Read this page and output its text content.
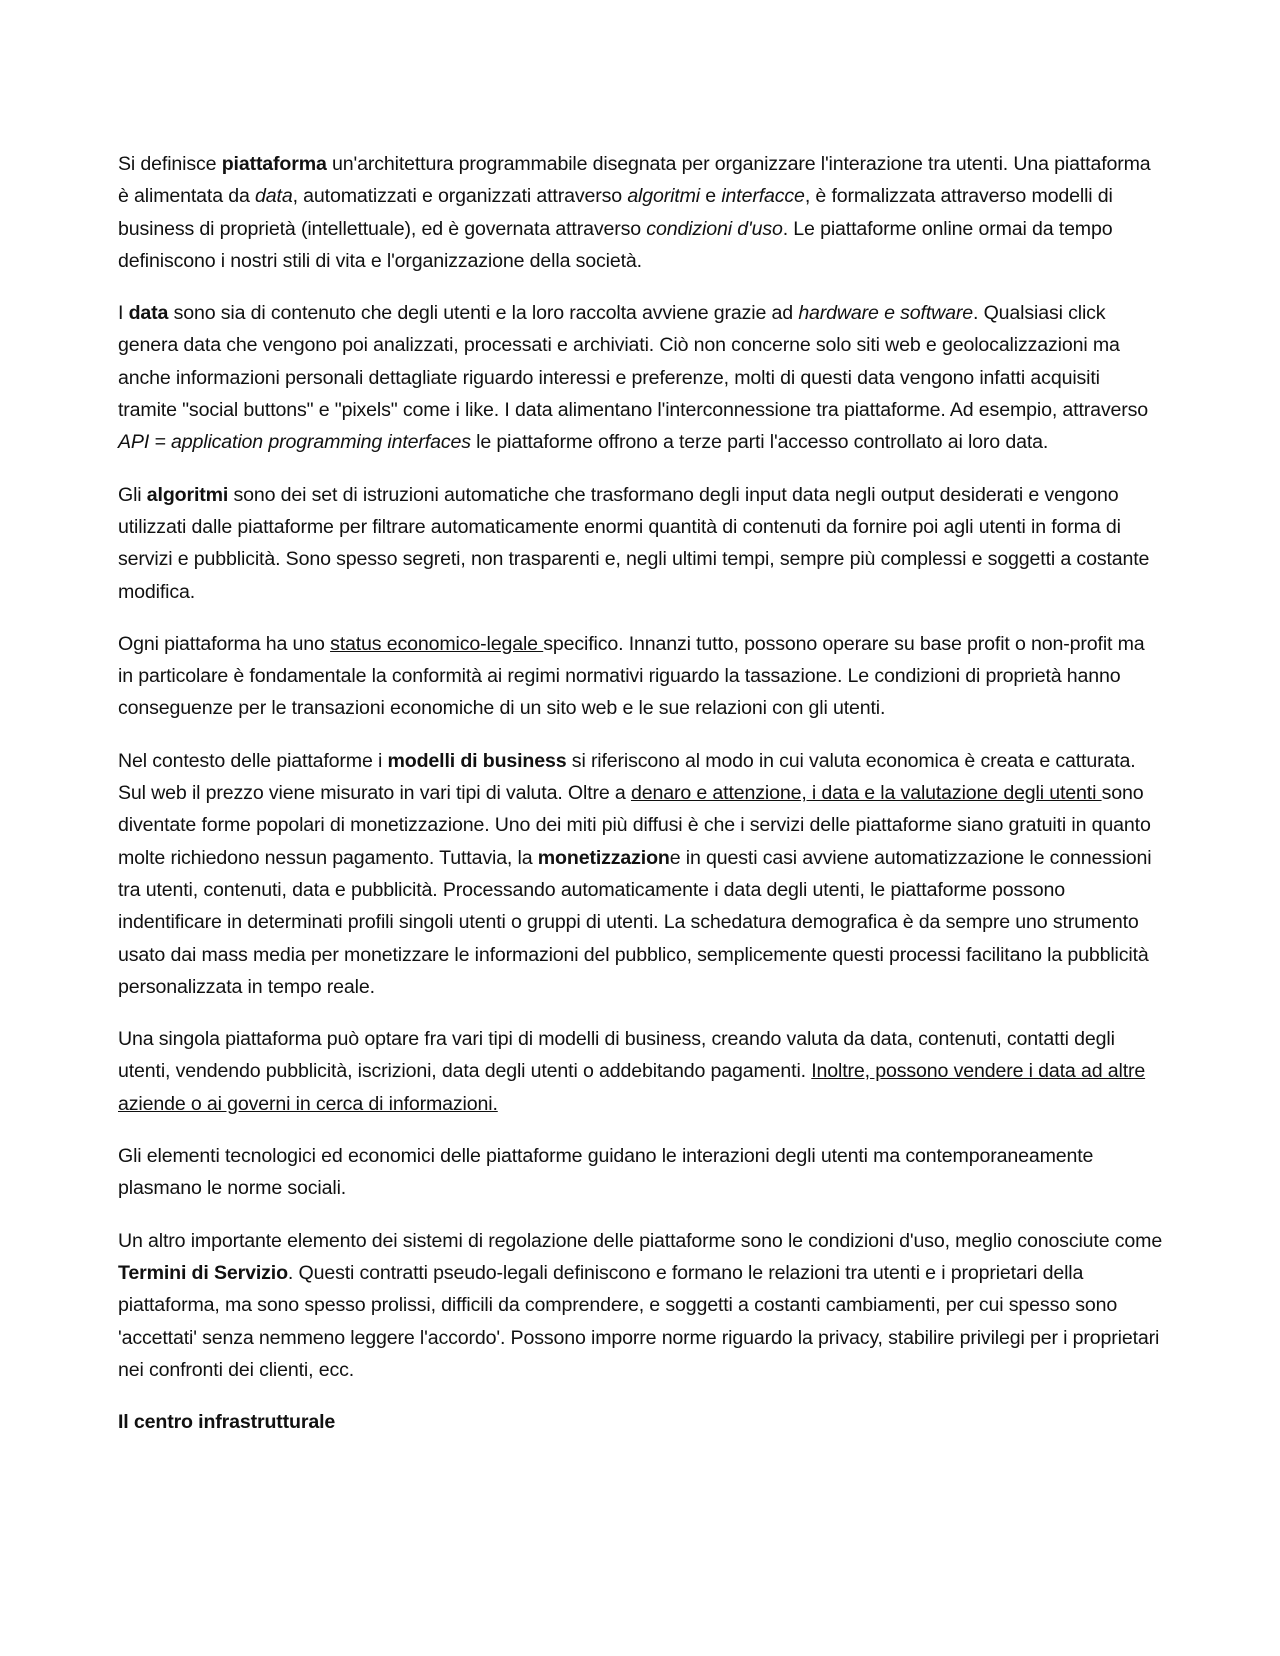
Si definisce piattaforma un'architettura programmabile disegnata per organizzare l'interazione tra utenti. Una piattaforma è alimentata da data, automatizzati e organizzati attraverso algoritmi e interfacce, è formalizzata attraverso modelli di business di proprietà (intellettuale), ed è governata attraverso condizioni d'uso. Le piattaforme online ormai da tempo definiscono i nostri stili di vita e l'organizzazione della società.

I data sono sia di contenuto che degli utenti e la loro raccolta avviene grazie ad hardware e software. Qualsiasi click genera data che vengono poi analizzati, processati e archiviati. Ciò non concerne solo siti web e geolocalizzazioni ma anche informazioni personali dettagliate riguardo interessi e preferenze, molti di questi data vengono infatti acquisiti tramite "social buttons" e "pixels" come i like. I data alimentano l'interconnessione tra piattaforme. Ad esempio, attraverso API = application programming interfaces le piattaforme offrono a terze parti l'accesso controllato ai loro data.

Gli algoritmi sono dei set di istruzioni automatiche che trasformano degli input data negli output desiderati e vengono utilizzati dalle piattaforme per filtrare automaticamente enormi quantità di contenuti da fornire poi agli utenti in forma di servizi e pubblicità. Sono spesso segreti, non trasparenti e, negli ultimi tempi, sempre più complessi e soggetti a costante modifica.

Ogni piattaforma ha uno status economico-legale specifico. Innanzi tutto, possono operare su base profit o non-profit ma in particolare è fondamentale la conformità ai regimi normativi riguardo la tassazione. Le condizioni di proprietà hanno conseguenze per le transazioni economiche di un sito web e le sue relazioni con gli utenti.

Nel contesto delle piattaforme i modelli di business si riferiscono al modo in cui valuta economica è creata e catturata. Sul web il prezzo viene misurato in vari tipi di valuta. Oltre a denaro e attenzione, i data e la valutazione degli utenti sono diventate forme popolari di monetizzazione. Uno dei miti più diffusi è che i servizi delle piattaforme siano gratuiti in quanto molte richiedono nessun pagamento. Tuttavia, la monetizzazione in questi casi avviene automatizzazione le connessioni tra utenti, contenuti, data e pubblicità. Processando automaticamente i data degli utenti, le piattaforme possono indentificare in determinati profili singoli utenti o gruppi di utenti. La schedatura demografica è da sempre uno strumento usato dai mass media per monetizzare le informazioni del pubblico, semplicemente questi processi facilitano la pubblicità personalizzata in tempo reale.

Una singola piattaforma può optare fra vari tipi di modelli di business, creando valuta da data, contenuti, contatti degli utenti, vendendo pubblicità, iscrizioni, data degli utenti o addebitando pagamenti. Inoltre, possono vendere i data ad altre aziende o ai governi in cerca di informazioni.

Gli elementi tecnologici ed economici delle piattaforme guidano le interazioni degli utenti ma contemporaneamente plasmano le norme sociali.

Un altro importante elemento dei sistemi di regolazione delle piattaforme sono le condizioni d'uso, meglio conosciute come Termini di Servizio. Questi contratti pseudo-legali definiscono e formano le relazioni tra utenti e i proprietari della piattaforma, ma sono spesso prolissi, difficili da comprendere, e soggetti a costanti cambiamenti, per cui spesso sono 'accettati' senza nemmeno leggere l'accordo'. Possono imporre norme riguardo la privacy, stabilire privilegi per i proprietari nei confronti dei clienti, ecc.

Il centro infrastrutturale
